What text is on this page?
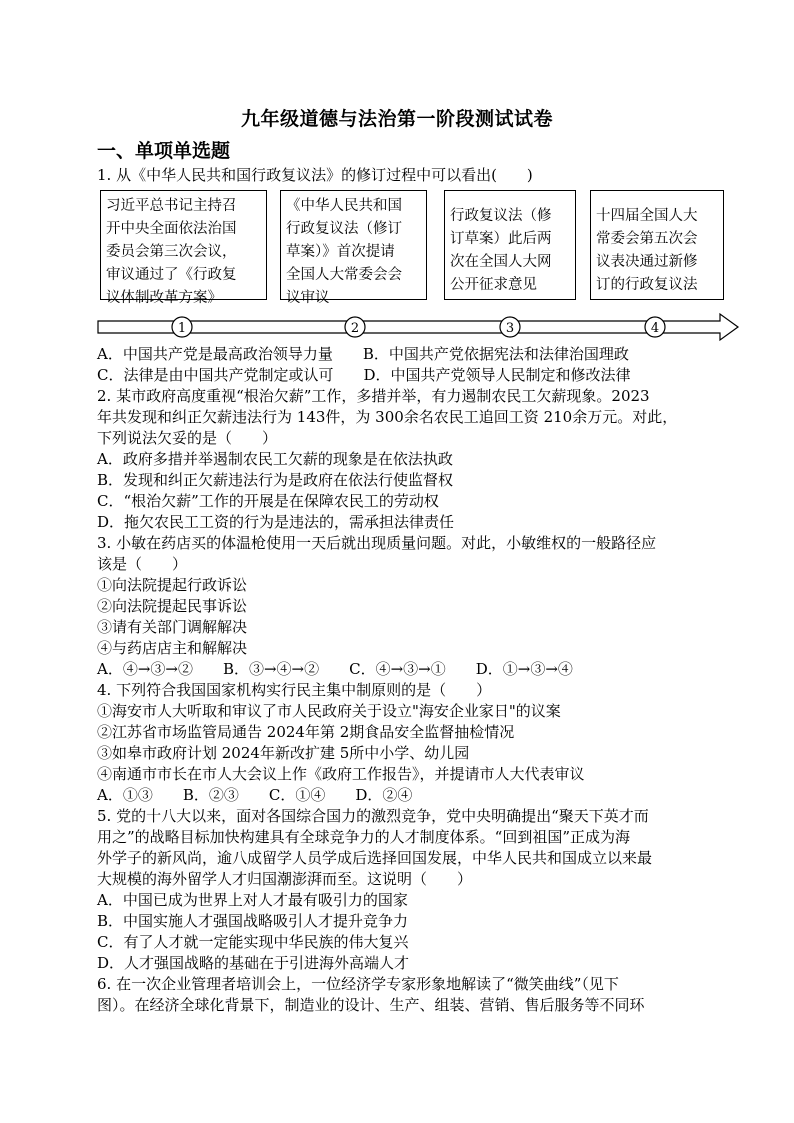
九年级道德与法治第一阶段测试试卷
一、单项单选题
1. 从《中华人民共和国行政复议法》的修订过程中可以看出(　　)
习近平总书记主持召
开中央全面依法治国
委员会第三次会议，
审议通过了《行政复
议体制改革方案》
《中华人民共和国
行政复议法（修订
草案）》首次提请
全国人大常委会会
议审议
行政复议法（修
订草案）此后两
次在全国人大网
公开征求意见
十四届全国人大
常委会第五次会
议表决通过新修
订的行政复议法
1	2	3	4
A．中国共产党是最高政治领导力量　　B．中国共产党依据宪法和法律治国理政
C．法律是由中国共产党制定或认可　　D．中国共产党领导人民制定和修改法律
2. 某市政府高度重视“根治欠薪”工作，多措并举，有力遏制农民工欠薪现象。2023
年共发现和纠正欠薪违法行为 143件，为 300余名农民工追回工资 210余万元。对此，
下列说法欠妥的是（　　）
A．政府多措并举遏制农民工欠薪的现象是在依法执政
B．发现和纠正欠薪违法行为是政府在依法行使监督权
C．“根治欠薪”工作的开展是在保障农民工的劳动权
D．拖欠农民工工资的行为是违法的，需承担法律责任
3. 小敏在药店买的体温枪使用一天后就出现质量问题。对此，小敏维权的一般路径应
该是（　　）
①向法院提起行政诉讼
②向法院提起民事诉讼
③请有关部门调解解决
④与药店店主和解解决
A．④→③→②　　B．③→④→②　　C．④→③→①　　D．①→③→④
4. 下列符合我国国家机构实行民主集中制原则的是（　　）
①海安市人大听取和审议了市人民政府关于设立"海安企业家日"的议案
②江苏省市场监管局通告 2024年第 2期食品安全监督抽检情况
③如皋市政府计划 2024年新改扩建 5所中小学、幼儿园
④南通市市长在市人大会议上作《政府工作报告》，并提请市人大代表审议
A．①③　　B．②③　　C．①④　　D．②④
5. 党的十八大以来，面对各国综合国力的激烈竞争，党中央明确提出“聚天下英才而
用之”的战略目标加快构建具有全球竞争力的人才制度体系。“回到祖国”正成为海
外学子的新风尚，逾八成留学人员学成后选择回国发展，中华人民共和国成立以来最
大规模的海外留学人才归国潮澎湃而至。这说明（　　）
A．中国已成为世界上对人才最有吸引力的国家
B．中国实施人才强国战略吸引人才提升竞争力
C．有了人才就一定能实现中华民族的伟大复兴
D．人才强国战略的基础在于引进海外高端人才
6. 在一次企业管理者培训会上，一位经济学专家形象地解读了“微笑曲线”（见下
图）。在经济全球化背景下，制造业的设计、生产、组装、营销、售后服务等不同环
